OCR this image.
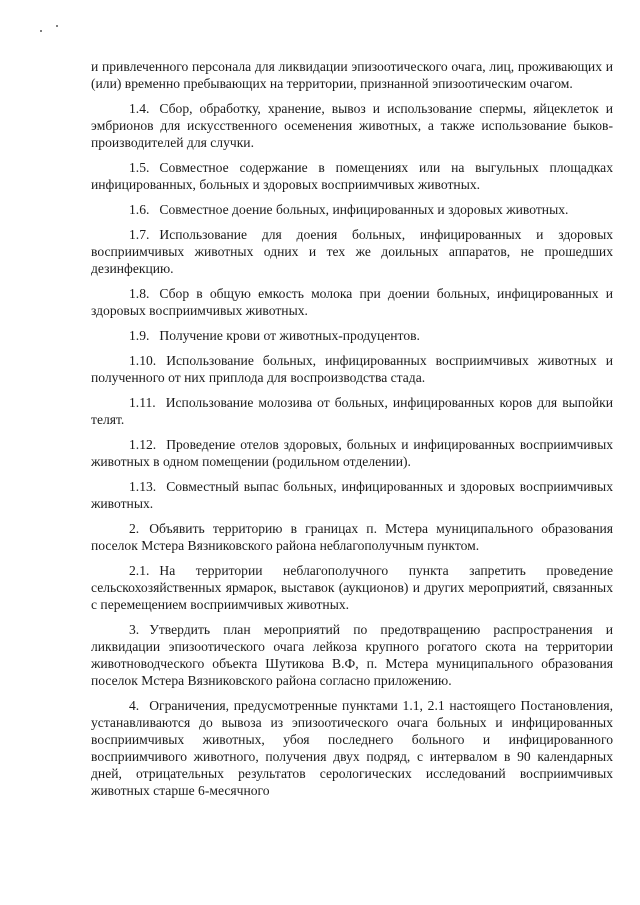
и привлеченного персонала для ликвидации эпизоотического очага, лиц, проживающих и (или) временно пребывающих на территории, признанной эпизоотическим очагом.

1.4. Сбор, обработку, хранение, вывоз и использование спермы, яйцеклеток и эмбрионов для искусственного осеменения животных, а также использование быков-производителей для случки.

1.5. Совместное содержание в помещениях или на выгульных площадках инфицированных, больных и здоровых восприимчивых животных.

1.6. Совместное доение больных, инфицированных и здоровых животных.

1.7. Использование для доения больных, инфицированных и здоровых восприимчивых животных одних и тех же доильных аппаратов, не прошедших дезинфекцию.

1.8. Сбор в общую емкость молока при доении больных, инфицированных и здоровых восприимчивых животных.

1.9. Получение крови от животных-продуцентов.

1.10. Использование больных, инфицированных восприимчивых животных и полученного от них приплода для воспроизводства стада.

1.11. Использование молозива от больных, инфицированных коров для выпойки телят.

1.12. Проведение отелов здоровых, больных и инфицированных восприимчивых животных в одном помещении (родильном отделении).

1.13. Совместный выпас больных, инфицированных и здоровых восприимчивых животных.

2. Объявить территорию в границах п. Мстера муниципального образования поселок Мстера Вязниковского района неблагополучным пунктом.

2.1. На территории неблагополучного пункта запретить проведение сельскохозяйственных ярмарок, выставок (аукционов) и других мероприятий, связанных с перемещением восприимчивых животных.

3. Утвердить план мероприятий по предотвращению распространения и ликвидации эпизоотического очага лейкоза крупного рогатого скота на территории животноводческого объекта Шутикова В.Ф, п. Мстера муниципального образования поселок Мстера Вязниковского района согласно приложению.

4. Ограничения, предусмотренные пунктами 1.1, 2.1 настоящего Постановления, устанавливаются до вывоза из эпизоотического очага больных и инфицированных восприимчивых животных, убоя последнего больного и инфицированного восприимчивого животного, получения двух подряд, с интервалом в 90 календарных дней, отрицательных результатов серологических исследований восприимчивых животных старше 6-месячного
